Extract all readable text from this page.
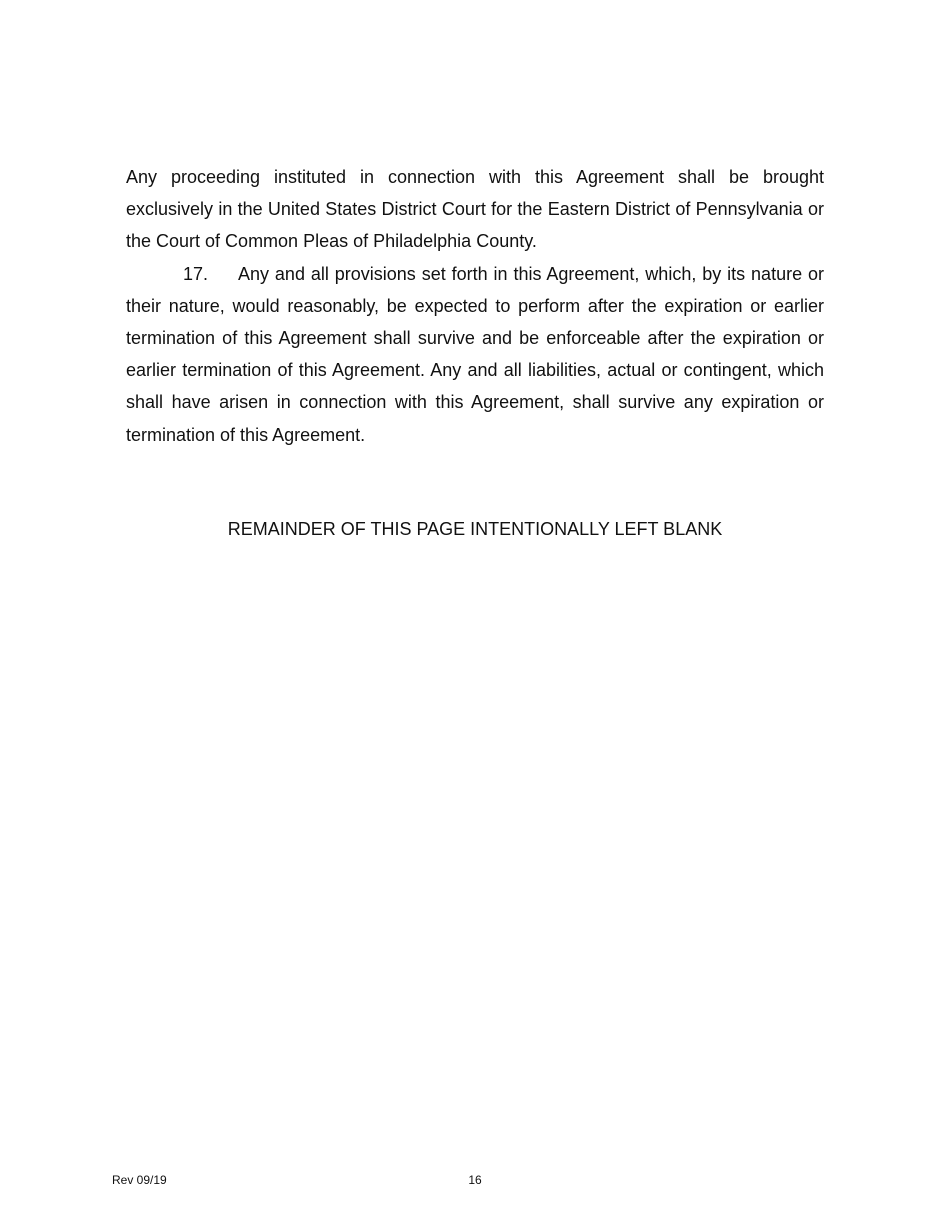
Any proceeding instituted in connection with this Agreement shall be brought exclusively in the United States District Court for the Eastern District of Pennsylvania or the Court of Common Pleas of Philadelphia County.

17. Any and all provisions set forth in this Agreement, which, by its nature or their nature, would reasonably, be expected to perform after the expiration or earlier termination of this Agreement shall survive and be enforceable after the expiration or earlier termination of this Agreement. Any and all liabilities, actual or contingent, which shall have arisen in connection with this Agreement, shall survive any expiration or termination of this Agreement.

REMAINDER OF THIS PAGE INTENTIONALLY LEFT BLANK

Rev 09/19	16
